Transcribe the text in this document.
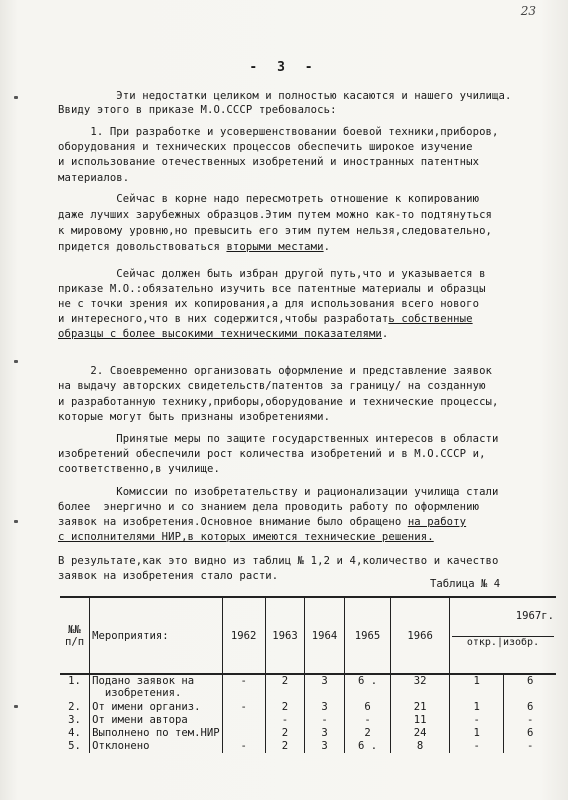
23
- 3 -
Эти недостатки целиком и полностью касаются и нашего училища.
Ввиду этого в приказе М.О.СССР требовалось:
1. При разработке и усовершенствовании боевой техники,приборов,
оборудования и технических процессов обеспечить широкое изучение
и использование отечественных изобретений и иностранных патентных
материалов.
Сейчас в корне надо пересмотреть отношение к копированию
даже лучших зарубежных образцов.Этим путем можно как-то подтянуться
к мировому уровню,но превысить его этим путем нельзя,следовательно,
придется довольствоваться вторыми местами.
Сейчас должен быть избран другой путь,что и указывается в
приказе М.О.:обязательно изучить все патентные материалы и образцы
не с точки зрения их копирования,а для использования всего нового
и интересного,что в них содержится,чтобы разработать собственные
образцы с более высокими техническими показателями.
2. Своевременно организовать оформление и представление заявок
на выдачу авторских свидетельств/патентов за границу/ на созданную
и разработанную технику,приборы,оборудование и технические процессы,
которые могут быть признаны изобретениями.
Принятые меры по защите государственных интересов в области
изобретений обеспечили рост количества изобретений и в М.О.СССР и,
соответственно,в училище.
Комиссии по изобретательству и рационализации училища стали
более  энергично и со знанием дела проводить работу по оформлению
заявок на изобретения.Основное внимание было обращено на работу
с исполнителями НИР,в которых имеются технические решения.
В результате,как это видно из таблиц № 1,2 и 4,количество и качество
заявок на изобретения стало расти.
Таблица № 4
№№
п/п	Мероприятия:	1962	1963	1964	1965	1966	1967г.

откр.|изобр.	

1.	Подано заявок на
изобретения.	-	2	3	6 .	32	1	6
2.	От имени организ.	-	2	3	6	21	1	6
3.	От имени автора		-	-	-	11	-	-
4.	Выполнено по тем.НИР		2	3	2	24	1	6
5.	Отклонено	-	2	3	6 .	8	-	-
